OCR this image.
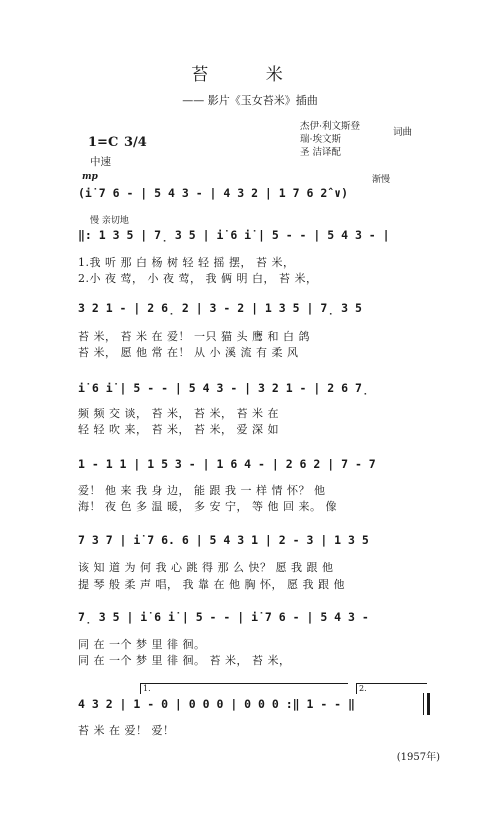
苔 米
—— 影片《玉女苔米》插曲
杰伊·利文斯登
瑞·埃文斯
圣 洁译配
词曲
1=C 3/4
中速
mp	渐慢
慢 亲切地
(i̇ 7 6 - | 5 4 3 - | 4 3 2 | 1 7 6 2̂ ∨)
‖: 1 3 5 | 7̣ 3 5 | i̇ 6 i̇ | 5 - - | 5 4 3 - |
1.我 听 那 白 杨 树 轻 轻 摇 摆， 苔 米，
2.小 夜 莺， 小 夜 莺， 我 俩 明 白， 苔 米，
3 2 1 - | 2 6̣ 2 | 3 - 2 | 1 3 5 | 7̣ 3 5
苔 米， 苔 米 在 爱！ 一只 猫 头 鹰 和 白 鸽
苔 米， 愿 他 常 在！ 从 小 溪 流 有 柔 风
i̇ 6 i̇ | 5 - - | 5 4 3 - | 3 2 1 - | 2 6 7̣
频 频 交 谈， 苔 米， 苔 米， 苔 米 在
轻 轻 吹 来， 苔 米， 苔 米， 爱 深 如
1 - 1 1 | 1 5 3 - | 1 6 4 - | 2 6 2 | 7 - 7
爱！ 他 来 我 身 边， 能 跟 我 一 样 情 怀？ 他
海！ 夜 色 多 温 暖， 多 安 宁， 等 他 回 来。 像
7 3 7 | i̇ 7 6. 6 | 5 4 3 1 | 2 - 3 | 1 3 5
该 知 道 为 何 我 心 跳 得 那 么 快？ 愿 我 跟 他
提 琴 般 柔 声 唱， 我 靠 在 他 胸 怀， 愿 我 跟 他
7̣ 3 5 | i̇ 6 i̇ | 5 - - | i̇ 7 6 - | 5 4 3 -
同 在 一个 梦 里 徘 徊。
同 在 一个 梦 里 徘 徊。 苔 米， 苔 米，
1.	2.
4 3 2 | 1 - 0 | 0 0 0 | 0 0 0 :‖ 1 - - ‖
苔 米 在 爱！ 爱！
(1957年)
